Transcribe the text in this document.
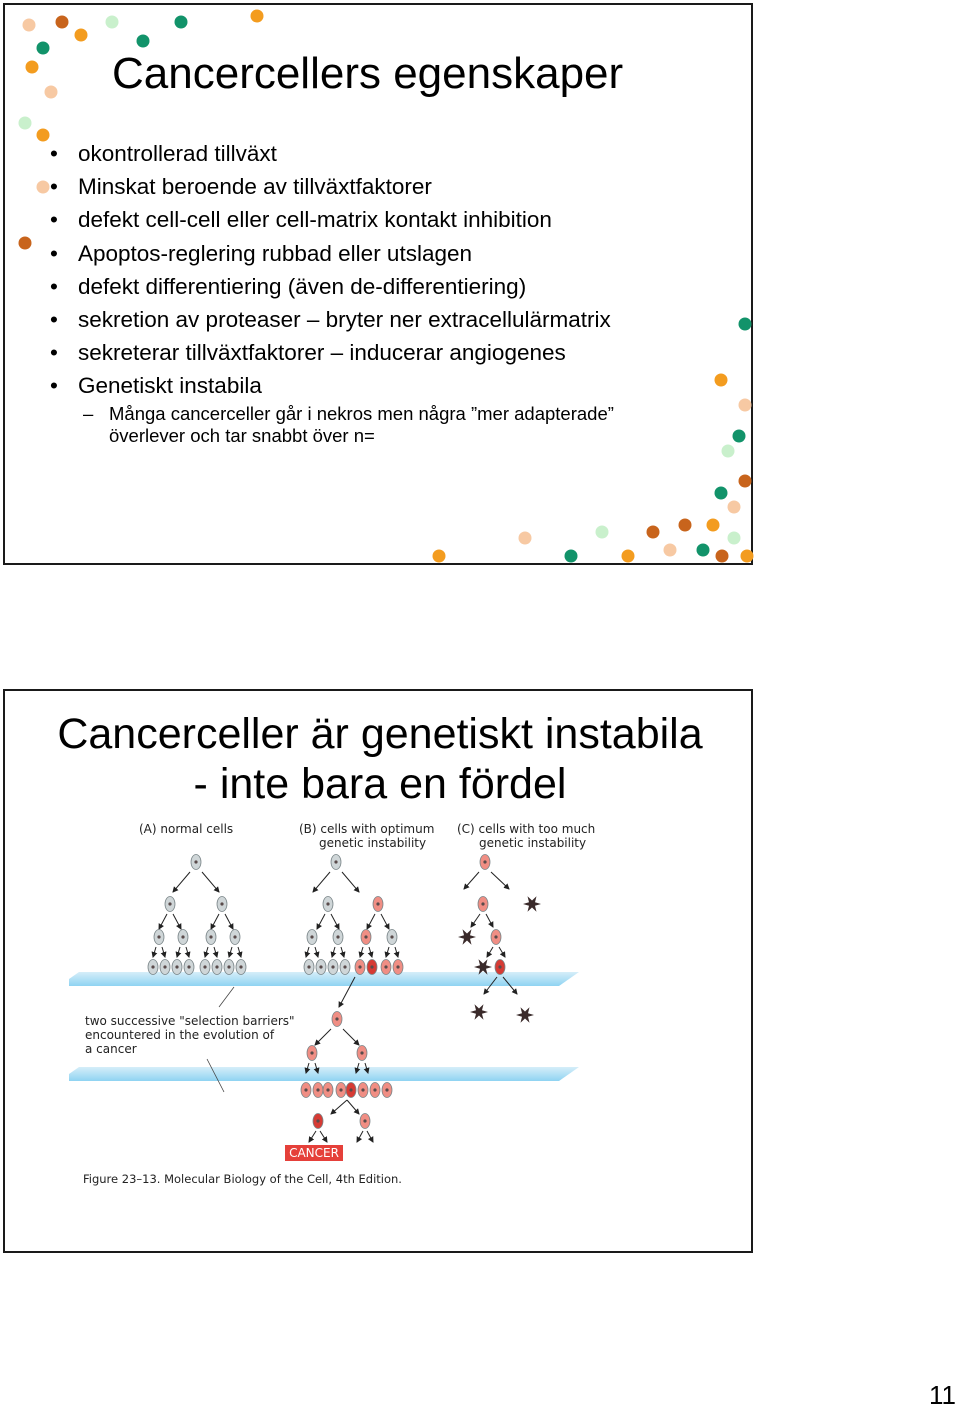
Cancercellers egenskaper
• okontrollerad tillväxt
• Minskat beroende av tillväxtfaktorer
• defekt cell-cell eller cell-matrix kontakt inhibition
• Apoptos-reglering rubbad eller utslagen
• defekt differentiering (även de-differentiering)
• sekretion av proteaser – bryter ner extracellulärmatrix
• sekreterar tillväxtfaktorer – inducerar angiogenes
• Genetiskt instabila
– Många cancerceller går i nekros men några ”mer adapterade”
överlever och tar snabbt över n=
Cancerceller är genetiskt instabila
- inte bara en fördel
(A) normal cells	(B) cells with optimum
genetic instability
(C) cells with too much
genetic instability
two successive "selection barriers"
encountered in the evolution of
a cancer
CANCER
Figure 23–13. Molecular Biology of the Cell, 4th Edition.
11
